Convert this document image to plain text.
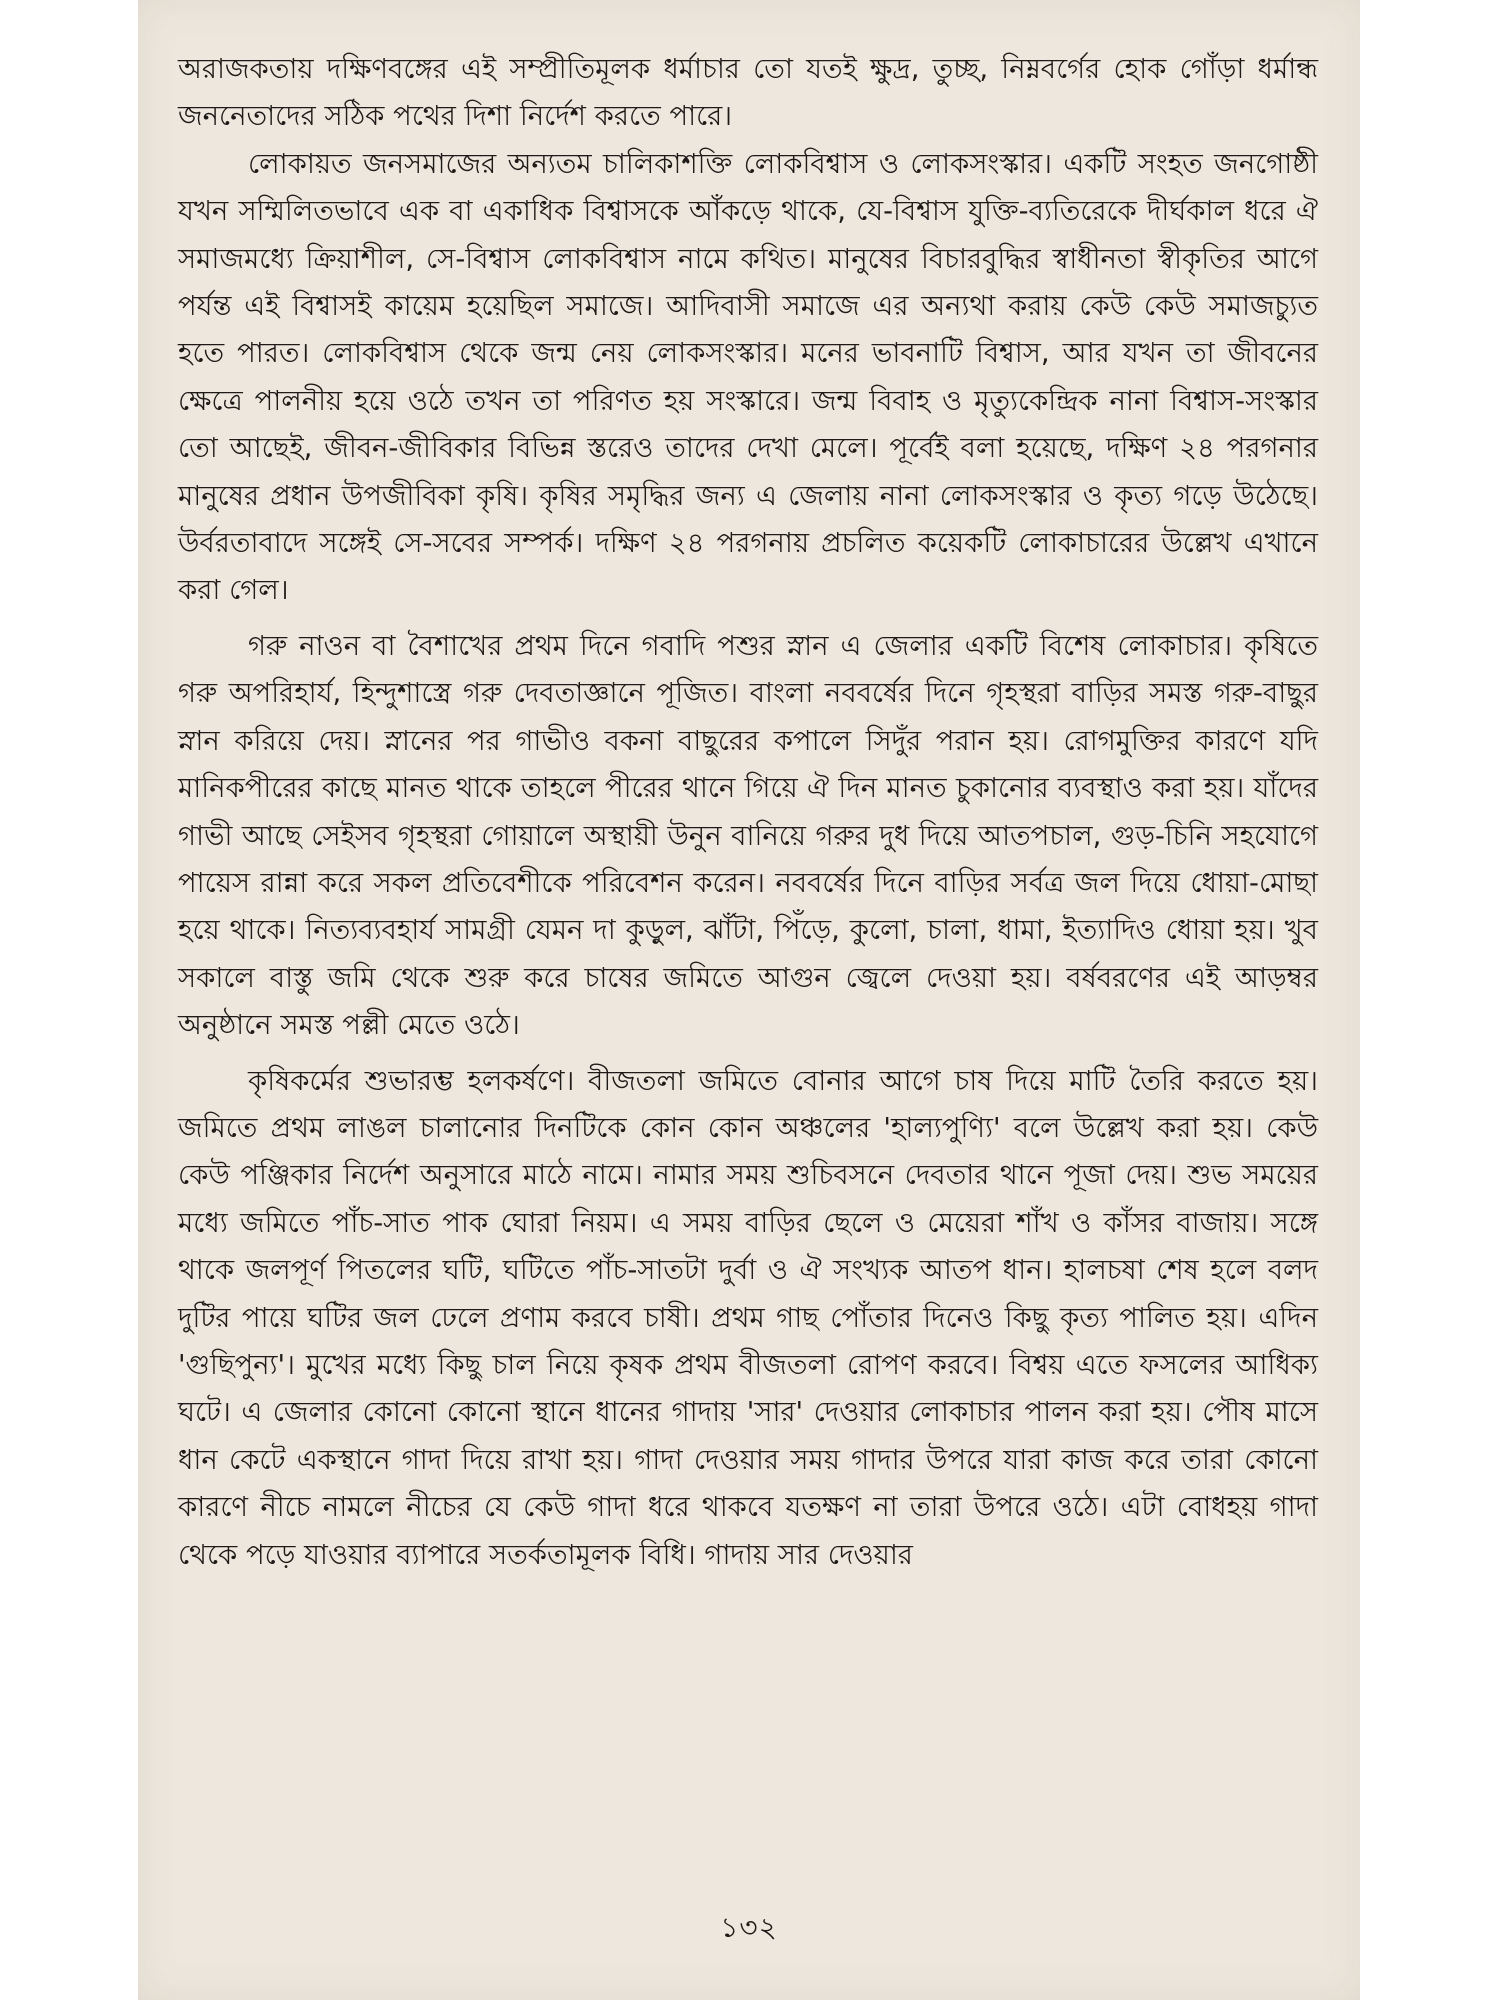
অরাজকতায় দক্ষিণবঙ্গের এই সম্প্রীতিমূলক ধর্মাচার তো যতই ক্ষুদ্র, তুচ্ছ, নিম্নবর্গের হোক গোঁড়া ধর্মান্ধ জননেতাদের সঠিক পথের দিশা নির্দেশ করতে পারে।

লোকায়ত জনসমাজের অন্যতম চালিকাশক্তি লোকবিশ্বাস ও লোকসংস্কার। একটি সংহত জনগোষ্ঠী যখন সম্মিলিতভাবে এক বা একাধিক বিশ্বাসকে আঁকড়ে থাকে, যে-বিশ্বাস যুক্তি-ব্যতিরেকে দীর্ঘকাল ধরে ঐ সমাজমধ্যে ক্রিয়াশীল, সে-বিশ্বাস লোকবিশ্বাস নামে কথিত। মানুষের বিচারবুদ্ধির স্বাধীনতা স্বীকৃতির আগে পর্যন্ত এই বিশ্বাসই কায়েম হয়েছিল সমাজে। আদিবাসী সমাজে এর অন্যথা করায় কেউ কেউ সমাজচ্যুত হতে পারত। লোকবিশ্বাস থেকে জন্ম নেয় লোকসংস্কার। মনের ভাবনাটি বিশ্বাস, আর যখন তা জীবনের ক্ষেত্রে পালনীয় হয়ে ওঠে তখন তা পরিণত হয় সংস্কারে। জন্ম বিবাহ ও মৃত্যুকেন্দ্রিক নানা বিশ্বাস-সংস্কার তো আছেই, জীবন-জীবিকার বিভিন্ন স্তরেও তাদের দেখা মেলে। পূর্বেই বলা হয়েছে, দক্ষিণ ২৪ পরগনার মানুষের প্রধান উপজীবিকা কৃষি। কৃষির সমৃদ্ধির জন্য এ জেলায় নানা লোকসংস্কার ও কৃত্য গড়ে উঠেছে। উর্বরতাবাদে সঙ্গেই সে-সবের সম্পর্ক। দক্ষিণ ২৪ পরগনায় প্রচলিত কয়েকটি লোকাচারের উল্লেখ এখানে করা গেল।

গরু নাওন বা বৈশাখের প্রথম দিনে গবাদি পশুর স্নান এ জেলার একটি বিশেষ লোকাচার। কৃষিতে গরু অপরিহার্য, হিন্দুশাস্ত্রে গরু দেবতাজ্ঞানে পূজিত। বাংলা নববর্ষের দিনে গৃহস্থরা বাড়ির সমস্ত গরু-বাছুর স্নান করিয়ে দেয়। স্নানের পর গাভীও বকনা বাছুরের কপালে সিদুঁর পরান হয়। রোগমুক্তির কারণে যদি মানিকপীরের কাছে মানত থাকে তাহলে পীরের থানে গিয়ে ঐ দিন মানত চুকানোর ব্যবস্থাও করা হয়। যাঁদের গাভী আছে সেইসব গৃহস্থরা গোয়ালে অস্থায়ী উনুন বানিয়ে গরুর দুধ দিয়ে আতপচাল, গুড়-চিনি সহযোগে পায়েস রান্না করে সকল প্রতিবেশীকে পরিবেশন করেন। নববর্ষের দিনে বাড়ির সর্বত্র জল দিয়ে ধোয়া-মোছা হয়ে থাকে। নিত্যব্যবহার্য সামগ্রী যেমন দা কুড়ুল, ঝাঁটা, পিঁড়ে, কুলো, চালা, ধামা, ইত্যাদিও ধোয়া হয়। খুব সকালে বাস্তু জমি থেকে শুরু করে চাষের জমিতে আগুন জ্বেলে দেওয়া হয়। বর্ষবরণের এই আড়ম্বর অনুষ্ঠানে সমস্ত পল্লী মেতে ওঠে।

কৃষিকর্মের শুভারম্ভ হলকর্ষণে। বীজতলা জমিতে বোনার আগে চাষ দিয়ে মাটি তৈরি করতে হয়। জমিতে প্রথম লাঙল চালানোর দিনটিকে কোন কোন অঞ্চলের 'হাল্যপুণ্যি' বলে উল্লেখ করা হয়। কেউ কেউ পঞ্জিকার নির্দেশ অনুসারে মাঠে নামে। নামার সময় শুচিবসনে দেবতার থানে পূজা দেয়। শুভ সময়ের মধ্যে জমিতে পাঁচ-সাত পাক ঘোরা নিয়ম। এ সময় বাড়ির ছেলে ও মেয়েরা শাঁখ ও কাঁসর বাজায়। সঙ্গে থাকে জলপূর্ণ পিতলের ঘটি, ঘটিতে পাঁচ-সাতটা দুর্বা ও ঐ সংখ্যক আতপ ধান। হালচষা শেষ হলে বলদ দুটির পায়ে ঘটির জল ঢেলে প্রণাম করবে চাষী। প্রথম গাছ পোঁতার দিনেও কিছু কৃত্য পালিত হয়। এদিন 'গুছিপুন্য'। মুখের মধ্যে কিছু চাল নিয়ে কৃষক প্রথম বীজতলা রোপণ করবে। বিশ্বয় এতে ফসলের আধিক্য ঘটে। এ জেলার কোনো কোনো স্থানে ধানের গাদায় 'সার' দেওয়ার লোকাচার পালন করা হয়। পৌষ মাসে ধান কেটে একস্থানে গাদা দিয়ে রাখা হয়। গাদা দেওয়ার সময় গাদার উপরে যারা কাজ করে তারা কোনো কারণে নীচে নামলে নীচের যে কেউ গাদা ধরে থাকবে যতক্ষণ না তারা উপরে ওঠে। এটা বোধহয় গাদা থেকে পড়ে যাওয়ার ব্যাপারে সতর্কতামূলক বিধি। গাদায় সার দেওয়ার

১৩২
